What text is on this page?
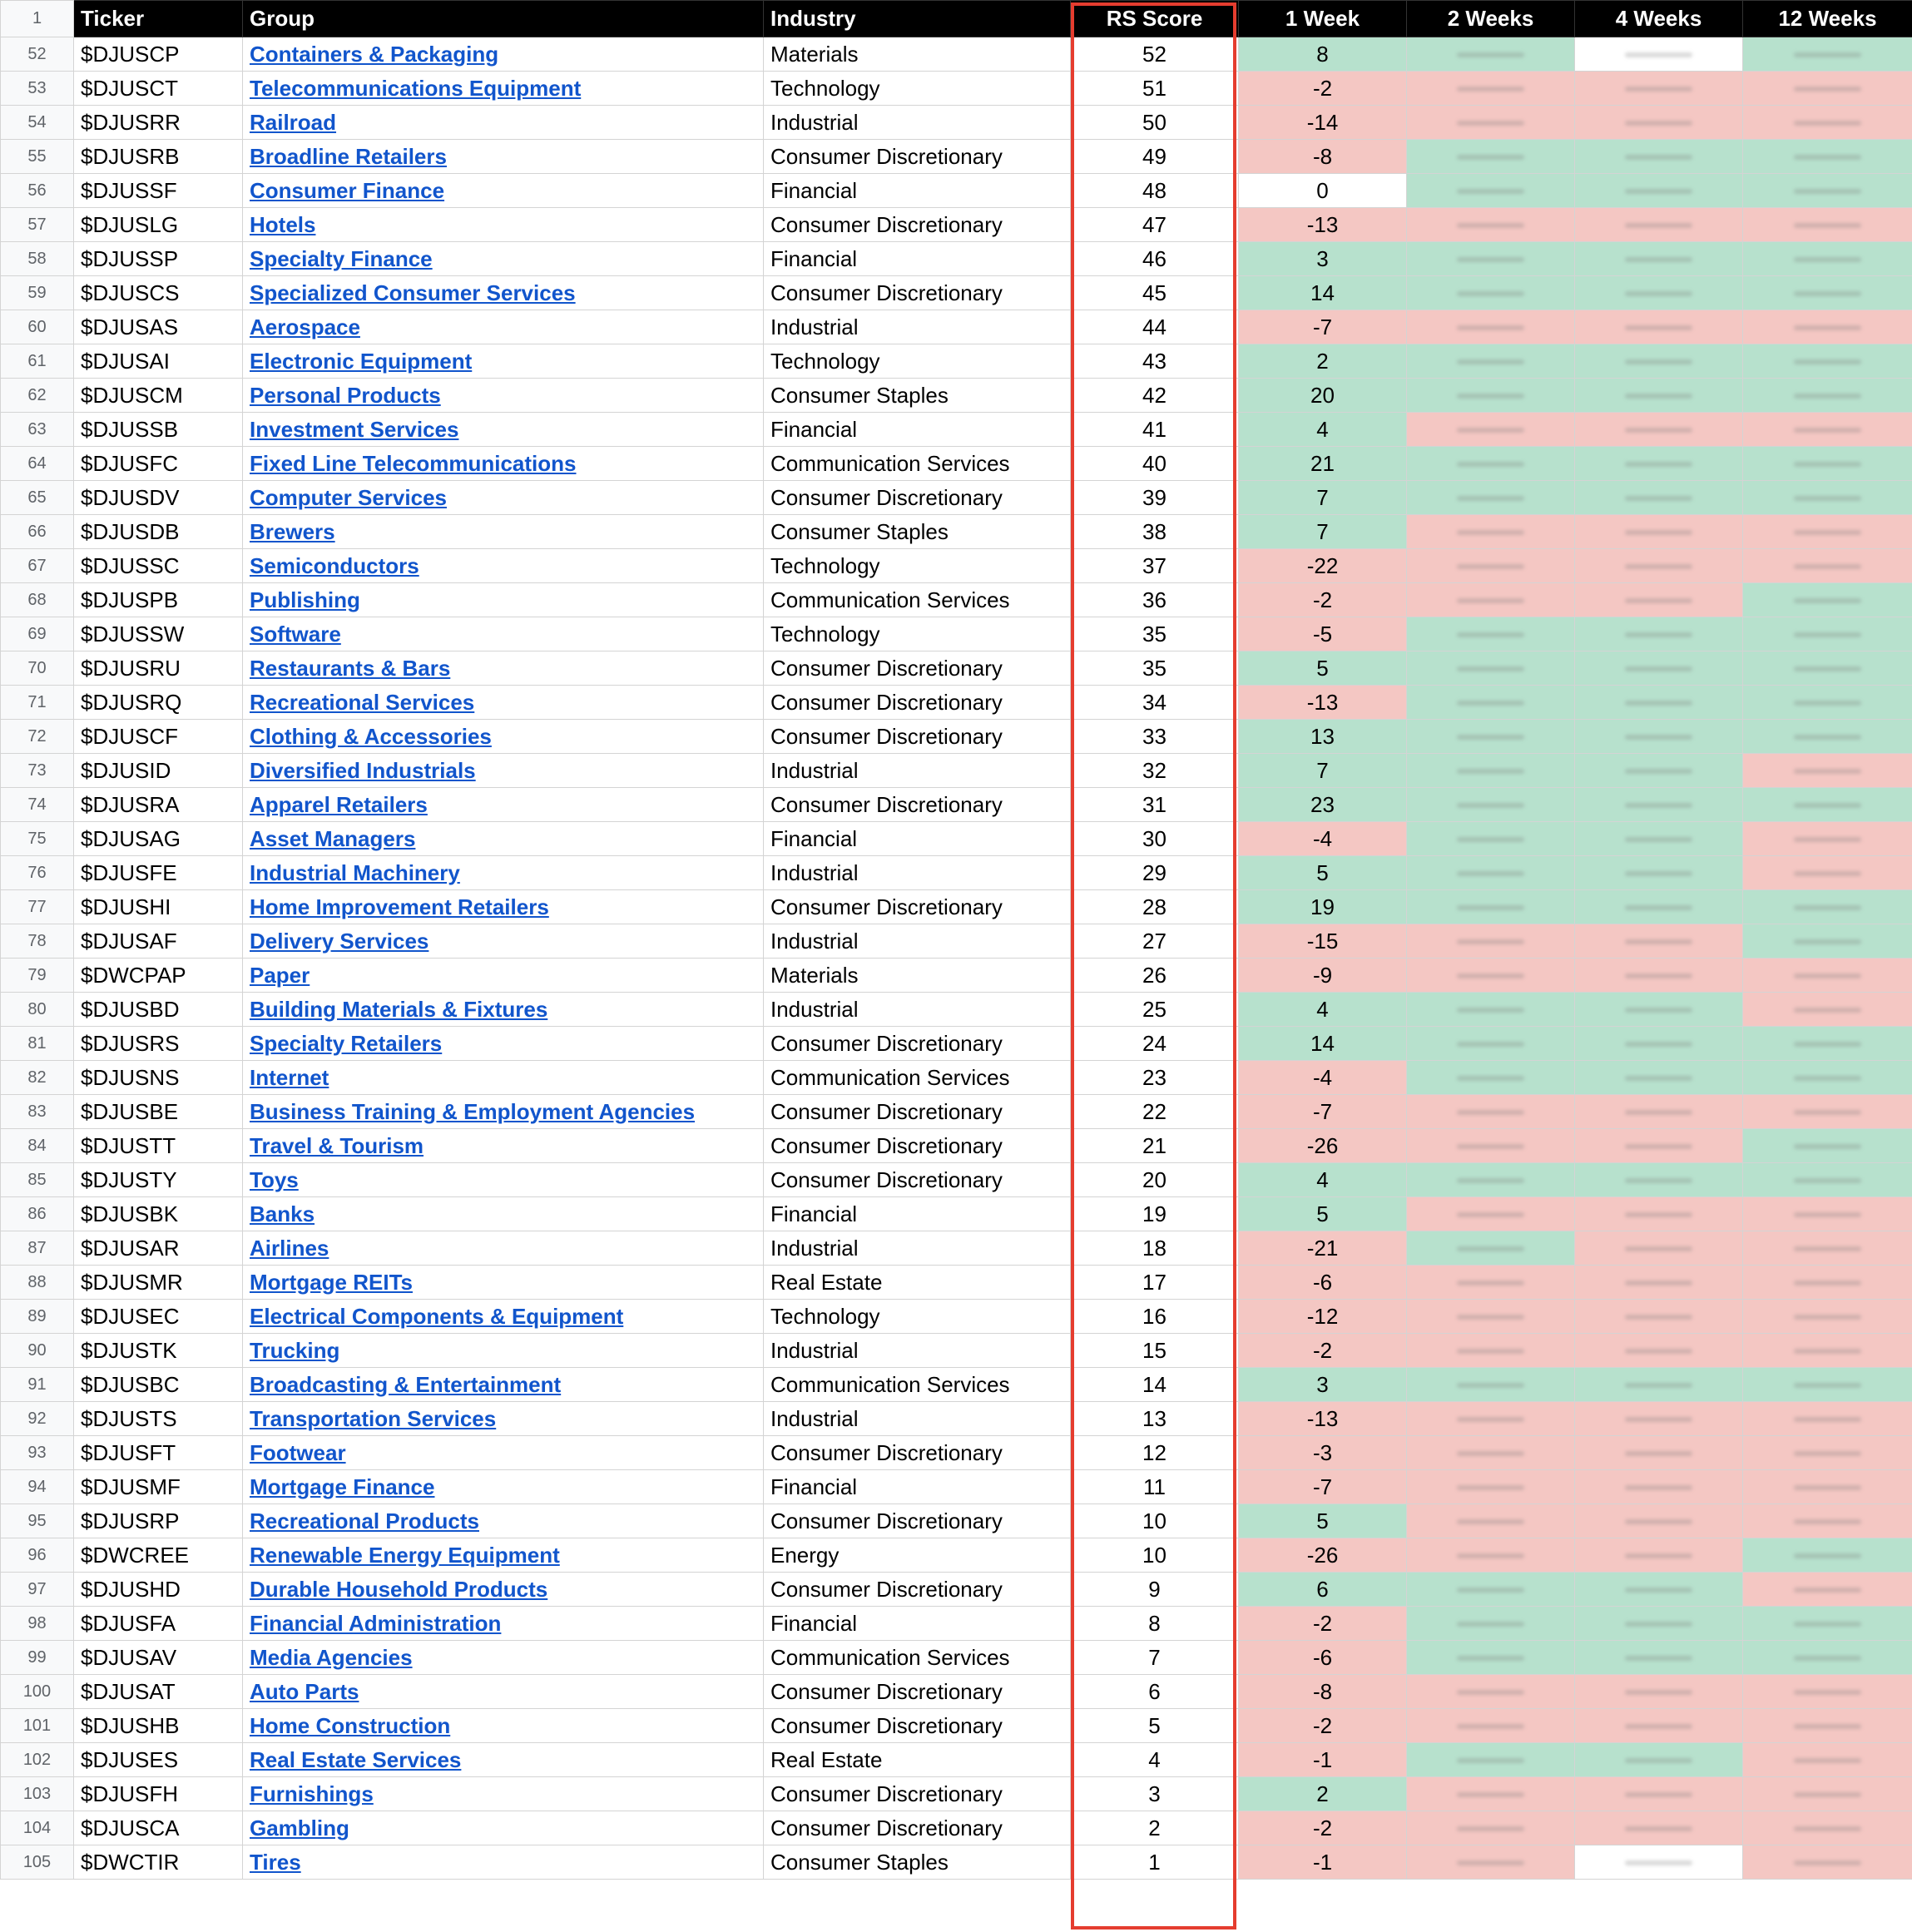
1	Ticker	Group	Industry	RS Score	1 Week	2 Weeks	4 Weeks	12 Weeks
52	$DJUSCP	Containers & Packaging	Materials	52	8			
53	$DJUSCT	Telecommunications Equipment	Technology	51	-2			
54	$DJUSRR	Railroad	Industrial	50	-14			
55	$DJUSRB	Broadline Retailers	Consumer Discretionary	49	-8			
56	$DJUSSF	Consumer Finance	Financial	48	0			
57	$DJUSLG	Hotels	Consumer Discretionary	47	-13			
58	$DJUSSP	Specialty Finance	Financial	46	3			
59	$DJUSCS	Specialized Consumer Services	Consumer Discretionary	45	14			
60	$DJUSAS	Aerospace	Industrial	44	-7			
61	$DJUSAI	Electronic Equipment	Technology	43	2			
62	$DJUSCM	Personal Products	Consumer Staples	42	20			
63	$DJUSSB	Investment Services	Financial	41	4			
64	$DJUSFC	Fixed Line Telecommunications	Communication Services	40	21			
65	$DJUSDV	Computer Services	Consumer Discretionary	39	7			
66	$DJUSDB	Brewers	Consumer Staples	38	7			
67	$DJUSSC	Semiconductors	Technology	37	-22			
68	$DJUSPB	Publishing	Communication Services	36	-2			
69	$DJUSSW	Software	Technology	35	-5			
70	$DJUSRU	Restaurants & Bars	Consumer Discretionary	35	5			
71	$DJUSRQ	Recreational Services	Consumer Discretionary	34	-13			
72	$DJUSCF	Clothing & Accessories	Consumer Discretionary	33	13			
73	$DJUSID	Diversified Industrials	Industrial	32	7			
74	$DJUSRA	Apparel Retailers	Consumer Discretionary	31	23			
75	$DJUSAG	Asset Managers	Financial	30	-4			
76	$DJUSFE	Industrial Machinery	Industrial	29	5			
77	$DJUSHI	Home Improvement Retailers	Consumer Discretionary	28	19			
78	$DJUSAF	Delivery Services	Industrial	27	-15			
79	$DWCPAP	Paper	Materials	26	-9			
80	$DJUSBD	Building Materials & Fixtures	Industrial	25	4			
81	$DJUSRS	Specialty Retailers	Consumer Discretionary	24	14			
82	$DJUSNS	Internet	Communication Services	23	-4			
83	$DJUSBE	Business Training & Employment Agencies	Consumer Discretionary	22	-7			
84	$DJUSTT	Travel & Tourism	Consumer Discretionary	21	-26			
85	$DJUSTY	Toys	Consumer Discretionary	20	4			
86	$DJUSBK	Banks	Financial	19	5			
87	$DJUSAR	Airlines	Industrial	18	-21			
88	$DJUSMR	Mortgage REITs	Real Estate	17	-6			
89	$DJUSEC	Electrical Components & Equipment	Technology	16	-12			
90	$DJUSTK	Trucking	Industrial	15	-2			
91	$DJUSBC	Broadcasting & Entertainment	Communication Services	14	3			
92	$DJUSTS	Transportation Services	Industrial	13	-13			
93	$DJUSFT	Footwear	Consumer Discretionary	12	-3			
94	$DJUSMF	Mortgage Finance	Financial	11	-7			
95	$DJUSRP	Recreational Products	Consumer Discretionary	10	5			
96	$DWCREE	Renewable Energy Equipment	Energy	10	-26			
97	$DJUSHD	Durable Household Products	Consumer Discretionary	9	6			
98	$DJUSFA	Financial Administration	Financial	8	-2			
99	$DJUSAV	Media Agencies	Communication Services	7	-6			
100	$DJUSAT	Auto Parts	Consumer Discretionary	6	-8			
101	$DJUSHB	Home Construction	Consumer Discretionary	5	-2			
102	$DJUSES	Real Estate Services	Real Estate	4	-1			
103	$DJUSFH	Furnishings	Consumer Discretionary	3	2			
104	$DJUSCA	Gambling	Consumer Discretionary	2	-2			
105	$DWCTIR	Tires	Consumer Staples	1	-1			
